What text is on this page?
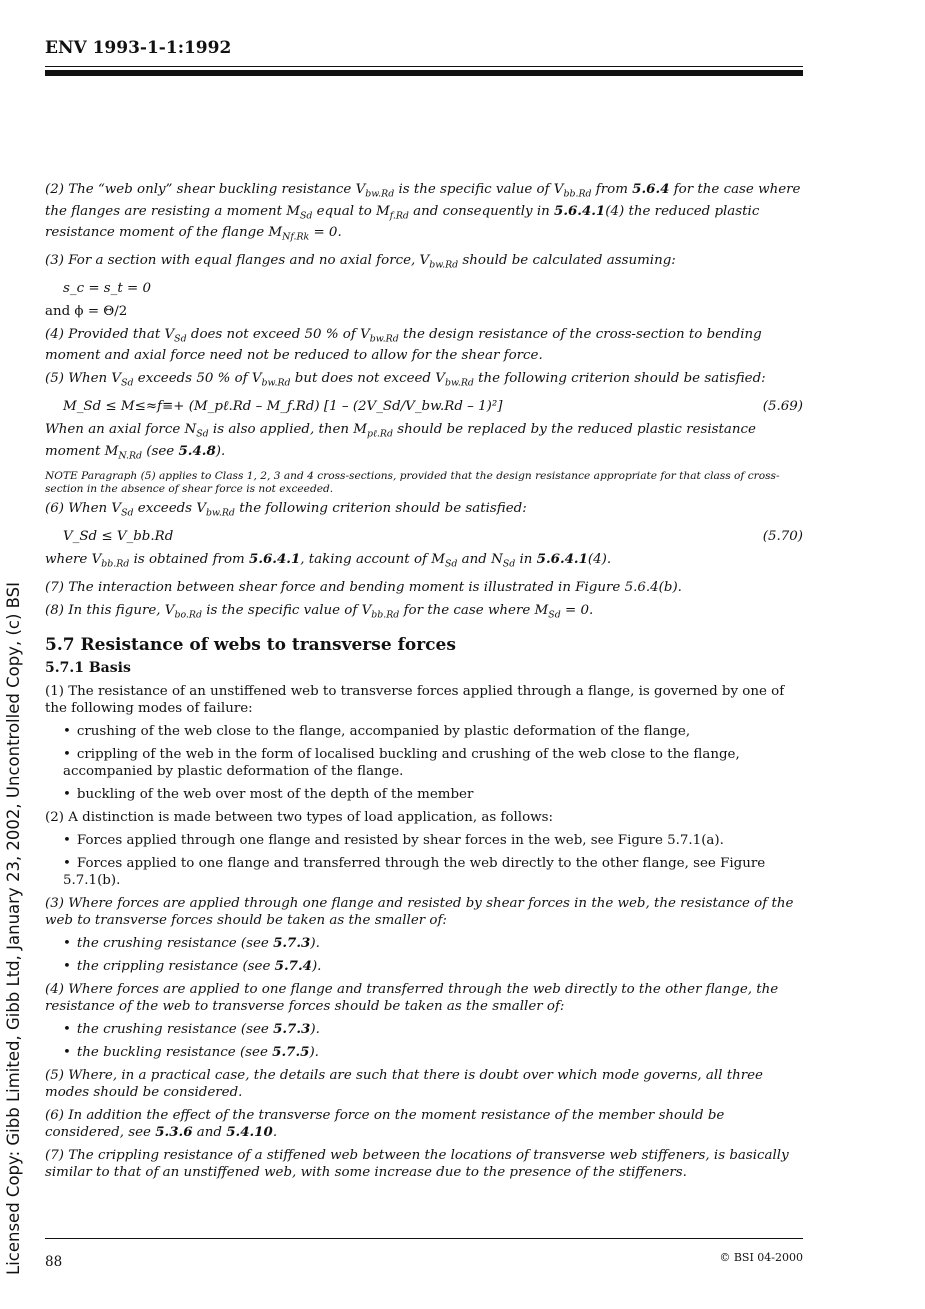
ENV 1993-1-1:1992
Licensed Copy: Gibb Limited, Gibb Ltd, January 23, 2002, Uncontrolled Copy, (c) BSI

(2) The “web only” shear buckling resistance $V_{bw.Rd}$ is the specific value of $V_{bb.Rd}$ from 5.6.4 for the case where the flanges are resisting a moment $M_{Sd}$ equal to $M_{f.Rd}$ and consequently in 5.6.4.1(4) the reduced plastic resistance moment of the flange $M_{Nf.Rk} = 0$.

(3) For a section with equal flanges and no axial force, $V_{bw.Rd}$ should be calculated assuming:

s_c = s_t = 0

and ϕ = Θ/2

(4) Provided that $V_{Sd}$ does not exceed 50 % of $V_{bw.Rd}$ the design resistance of the cross-section to bending moment and axial force need not be reduced to allow for the shear force.

(5) When $V_{Sd}$ exceeds 50 % of $V_{bw.Rd}$ but does not exceed $V_{bw.Rd}$ the following criterion should be satisfied:

M_Sd ≤ M≤≈f≡+ (M_pℓ.Rd – M_f.Rd) [1 – (2V_Sd/V_bw.Rd – 1)²]	(5.69)

When an axial force $N_{Sd}$ is also applied, then $M_{p\ell.Rd}$ should be replaced by the reduced plastic resistance moment $M_{N.Rd}$ (see 5.4.8).

NOTE Paragraph (5) applies to Class 1, 2, 3 and 4 cross-sections, provided that the design resistance appropriate for that class of cross-section in the absence of shear force is not exceeded.

(6) When $V_{Sd}$ exceeds $V_{bw.Rd}$ the following criterion should be satisfied:

V_Sd ≤ V_bb.Rd	(5.70)

where $V_{bb.Rd}$ is obtained from 5.6.4.1, taking account of $M_{Sd}$ and $N_{Sd}$ in 5.6.4.1(4).

(7) The interaction between shear force and bending moment is illustrated in Figure 5.6.4(b).

(8) In this figure, $V_{bo.Rd}$ is the specific value of $V_{bb.Rd}$ for the case where $M_{Sd} = 0$.

5.7 Resistance of webs to transverse forces
5.7.1 Basis

(1) The resistance of an unstiffened web to transverse forces applied through a flange, is governed by one of the following modes of failure:

• crushing of the web close to the flange, accompanied by plastic deformation of the flange,
• crippling of the web in the form of localised buckling and crushing of the web close to the flange, accompanied by plastic deformation of the flange.
• buckling of the web over most of the depth of the member

(2) A distinction is made between two types of load application, as follows:

• Forces applied through one flange and resisted by shear forces in the web, see Figure 5.7.1(a).
• Forces applied to one flange and transferred through the web directly to the other flange, see Figure 5.7.1(b).

(3) Where forces are applied through one flange and resisted by shear forces in the web, the resistance of the web to transverse forces should be taken as the smaller of:

• the crushing resistance (see 5.7.3).
• the crippling resistance (see 5.7.4).

(4) Where forces are applied to one flange and transferred through the web directly to the other flange, the resistance of the web to transverse forces should be taken as the smaller of:

• the crushing resistance (see 5.7.3).
• the buckling resistance (see 5.7.5).

(5) Where, in a practical case, the details are such that there is doubt over which mode governs, all three modes should be considered.

(6) In addition the effect of the transverse force on the moment resistance of the member should be considered, see 5.3.6 and 5.4.10.

(7) The crippling resistance of a stiffened web between the locations of transverse web stiffeners, is basically similar to that of an unstiffened web, with some increase due to the presence of the stiffeners.

88	© BSI 04-2000
